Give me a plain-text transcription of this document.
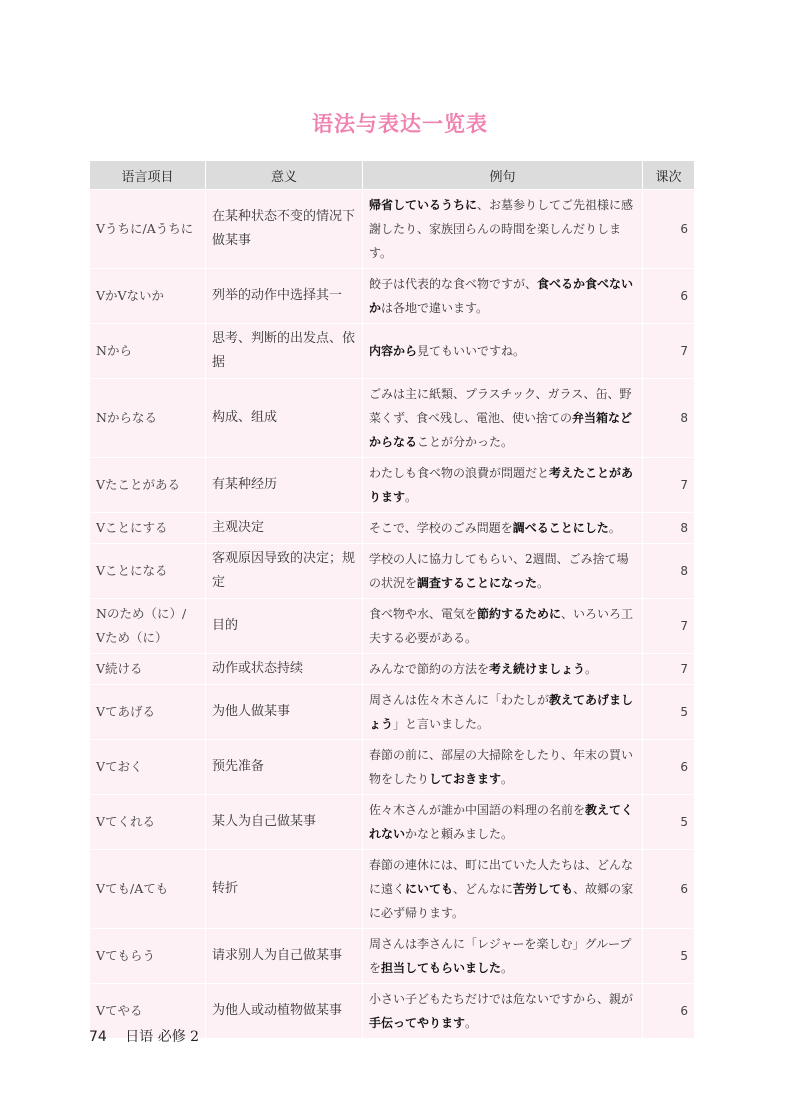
语法与表达一览表
语言项目	意义	例句	课次
Vうちに/Aうちに	在某种状态不变的情况下做某事	帰省しているうちに、お墓参りしてご先祖様に感謝したり、家族団らんの時間を楽しんだりします。	6
VかVないか	列举的动作中选择其一	餃子は代表的な食べ物ですが、食べるか食べないかは各地で違います。	6
Nから	思考、判断的出发点、依据	内容から見てもいいですね。	7
Nからなる	构成、组成	ごみは主に紙類、プラスチック、ガラス、缶、野菜くず、食べ残し、電池、使い捨ての弁当箱などからなることが分かった。	8
Vたことがある	有某种经历	わたしも食べ物の浪費が問題だと考えたことがあります。	7
Vことにする	主观决定	そこで、学校のごみ問題を調べることにした。	8
Vことになる	客观原因导致的决定；规定	学校の人に協力してもらい、2週間、ごみ捨て場の状況を調査することになった。	8
Nのため（に）/ Vため（に）	目的	食べ物や水、電気を節約するために、いろいろ工夫する必要がある。	7
V続ける	动作或状态持续	みんなで節約の方法を考え続けましょう。	7
Vてあげる	为他人做某事	周さんは佐々木さんに「わたしが教えてあげましょう」と言いました。	5
Vておく	预先准备	春節の前に、部屋の大掃除をしたり、年末の買い物をしたりしておきます。	6
Vてくれる	某人为自己做某事	佐々木さんが誰か中国語の料理の名前を教えてくれないかなと頼みました。	5
Vても/Aても	转折	春節の連休には、町に出ていた人たちは、どんなに遠くにいても、どんなに苦労しても、故郷の家に必ず帰ります。	6
Vてもらう	请求别人为自己做某事	周さんは李さんに「レジャーを楽しむ」グループを担当してもらいました。	5
Vてやる	为他人或动植物做某事	小さい子どもたちだけでは危ないですから、親が手伝ってやります。	6
74 日语 必修 2
